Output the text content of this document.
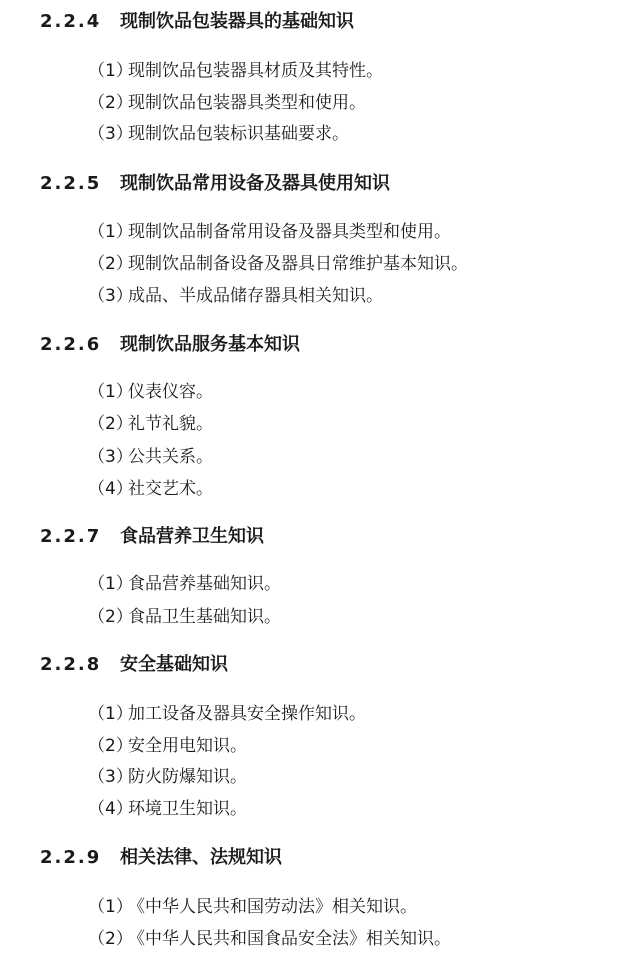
2.2.4 现制饮品包装器具的基础知识
（1）现制饮品包装器具材质及其特性。
（2）现制饮品包装器具类型和使用。
（3）现制饮品包装标识基础要求。
2.2.5 现制饮品常用设备及器具使用知识
（1）现制饮品制备常用设备及器具类型和使用。
（2）现制饮品制备设备及器具日常维护基本知识。
（3）成品、半成品储存器具相关知识。
2.2.6 现制饮品服务基本知识
（1）仪表仪容。
（2）礼节礼貌。
（3）公共关系。
（4）社交艺术。
2.2.7 食品营养卫生知识
（1）食品营养基础知识。
（2）食品卫生基础知识。
2.2.8 安全基础知识
（1）加工设备及器具安全操作知识。
（2）安全用电知识。
（3）防火防爆知识。
（4）环境卫生知识。
2.2.9 相关法律、法规知识
（1）《中华人民共和国劳动法》相关知识。
（2）《中华人民共和国食品安全法》相关知识。
